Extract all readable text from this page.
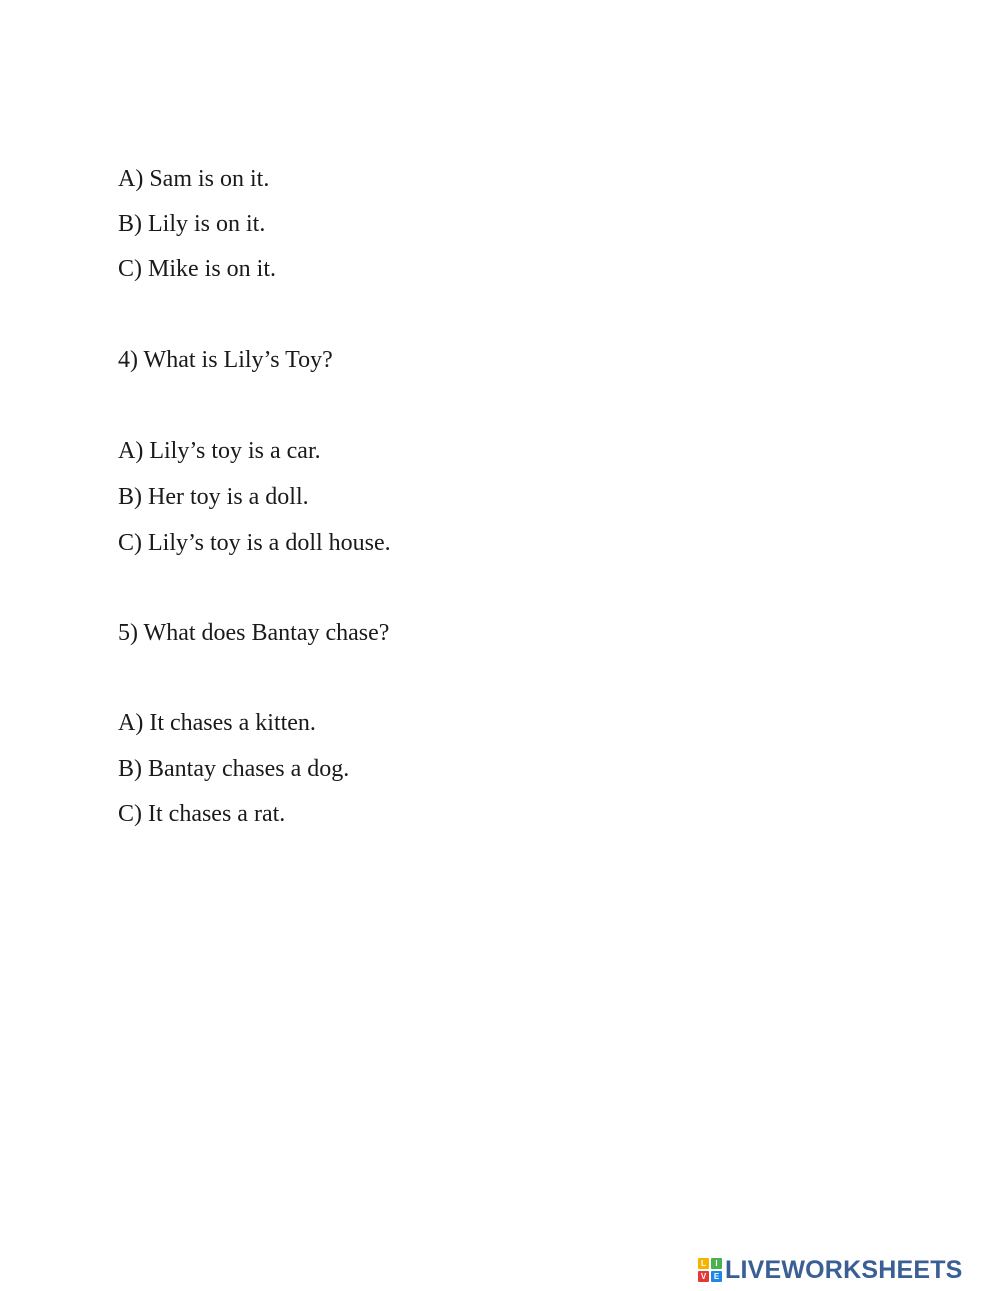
A) Sam is on it.
B) Lily is on it.
C) Mike is on it.
4) What is Lily’s Toy?
A) Lily’s toy is a car.
B) Her toy is a doll.
C) Lily’s toy is a doll house.
5) What does Bantay chase?
A) It chases a kitten.
B) Bantay chases a dog.
C) It chases a rat.
L	I
V E LIVEWORKSHEETS
